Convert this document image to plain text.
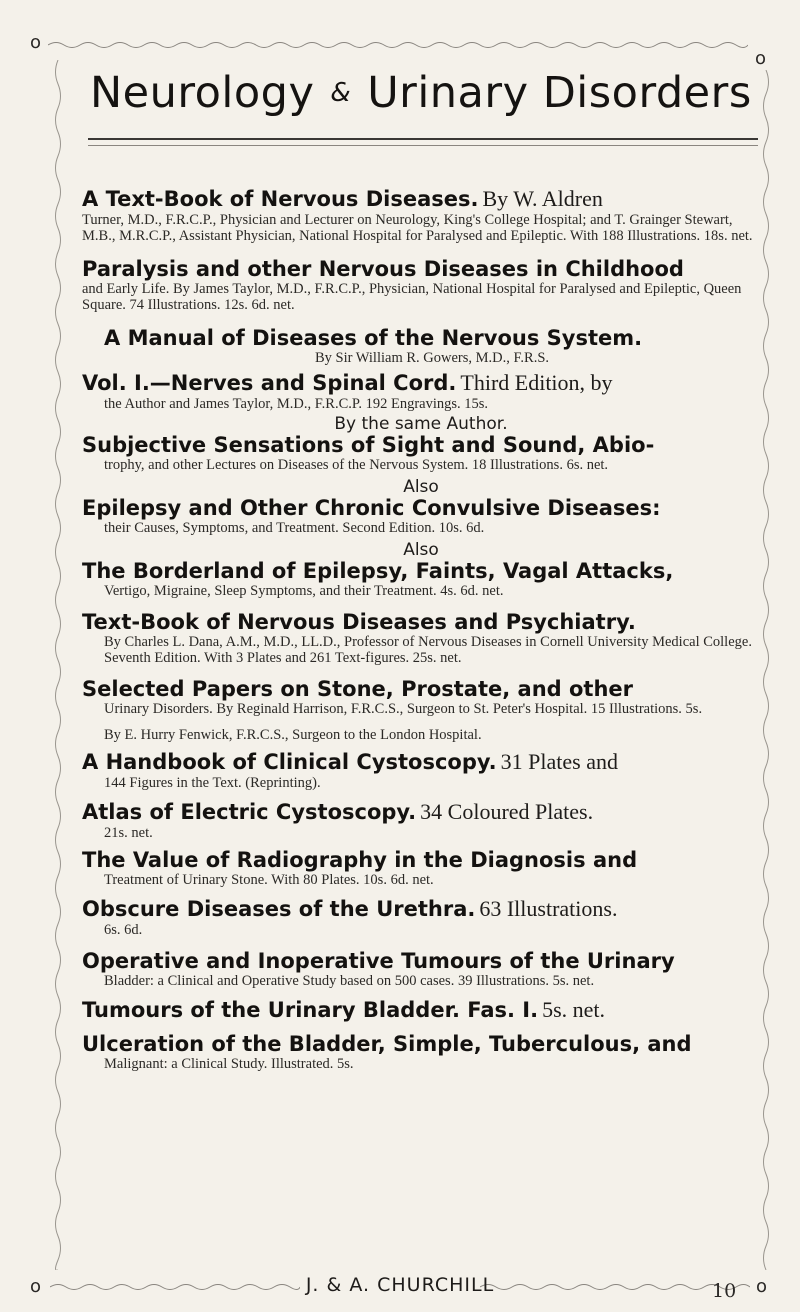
o
o
o	o
Neurology & Urinary Disorders
A Text-Book of Nervous Diseases. By W. Aldren
Turner, M.D., F.R.C.P., Physician and Lecturer on Neurology, King's College Hospital; and T. Grainger Stewart, M.B., M.R.C.P., Assistant Physician, National Hospital for Paralysed and Epileptic. With 188 Illustrations. 18s. net.
Paralysis and other Nervous Diseases in Childhood
and Early Life. By James Taylor, M.D., F.R.C.P., Physician, National Hospital for Paralysed and Epileptic, Queen Square. 74 Illustrations. 12s. 6d. net.
A Manual of Diseases of the Nervous System.
By Sir William R. Gowers, M.D., F.R.S.
Vol. I.—Nerves and Spinal Cord. Third Edition, by
the Author and James Taylor, M.D., F.R.C.P. 192 Engravings. 15s.
By the same Author.
Subjective Sensations of Sight and Sound, Abio-
trophy, and other Lectures on Diseases of the Nervous System. 18 Illustrations. 6s. net.
Also
Epilepsy and Other Chronic Convulsive Diseases:
their Causes, Symptoms, and Treatment. Second Edition. 10s. 6d.
Also
The Borderland of Epilepsy, Faints, Vagal Attacks,
Vertigo, Migraine, Sleep Symptoms, and their Treatment. 4s. 6d. net.
Text-Book of Nervous Diseases and Psychiatry.
By Charles L. Dana, A.M., M.D., LL.D., Professor of Nervous Diseases in Cornell University Medical College. Seventh Edition. With 3 Plates and 261 Text-figures. 25s. net.
Selected Papers on Stone, Prostate, and other
Urinary Disorders. By Reginald Harrison, F.R.C.S., Surgeon to St. Peter's Hospital. 15 Illustrations. 5s.
By E. Hurry Fenwick, F.R.C.S., Surgeon to the London Hospital.
A Handbook of Clinical Cystoscopy. 31 Plates and
144 Figures in the Text. (Reprinting).
Atlas of Electric Cystoscopy. 34 Coloured Plates.
21s. net.
The Value of Radiography in the Diagnosis and
Treatment of Urinary Stone. With 80 Plates. 10s. 6d. net.
Obscure Diseases of the Urethra. 63 Illustrations.
6s. 6d.
Operative and Inoperative Tumours of the Urinary
Bladder: a Clinical and Operative Study based on 500 cases. 39 Illustrations. 5s. net.
Tumours of the Urinary Bladder. Fas. I. 5s. net.
Ulceration of the Bladder, Simple, Tuberculous, and
Malignant: a Clinical Study. Illustrated. 5s.
J. & A. CHURCHILL	10
